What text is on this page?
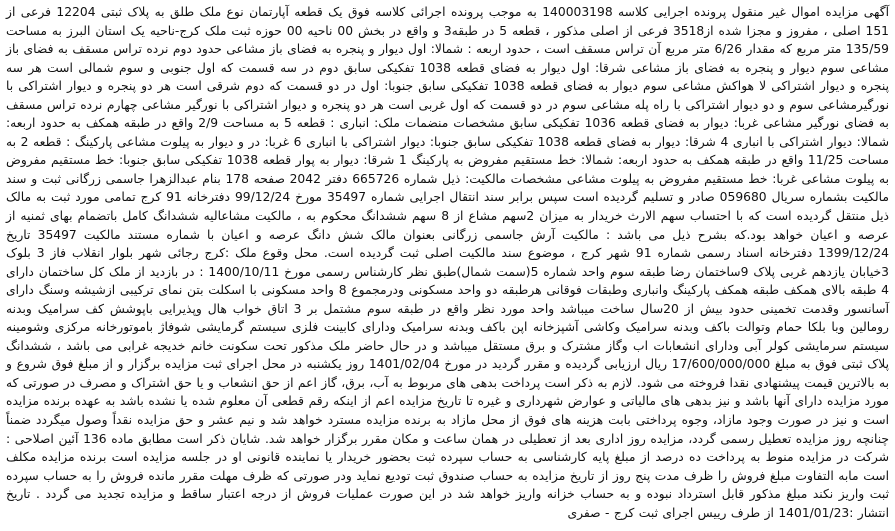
آگهی مزایده اموال غیر منقول پرونده اجرایی کلاسه 140003198 به موجب پرونده اجرائی کلاسه فوق یک قطعه آپارتمان نوع ملک طلق به پلاک ثبتی 12204 فرعی از 151 اصلی ، مفروز و مجزا شده از3518 فرعی از اصلی مذکور ، قطعه 5 در طبقه3 و واقع در بخش 00 ناحیه 00 حوزه ثبت ملک کرج-ناحیه یک استان البرز به مساحت 135/59 متر مربع که مقدار 6/26 متر مربع آن تراس مسقف است ، حدود اربعه : شمالا: اول دیوار و پنجره به فضای باز مشاعی حدود دوم نرده تراس مسقف به فضای باز مشاعی سوم دیوار و پنجره به فضای باز مشاعی شرقا: اول دیوار به فضای قطعه 1038 تفکیکی سابق دوم در سه قسمت که اول جنوبی و سوم شمالی است هر سه پنجره و دیوار اشتراکی لا هواکش مشاعی سوم دیوار به فضای قطعه 1038 تفکیکی سابق جنوبا: اول در دو قسمت که دوم شرقی است هر دو پنجره و دیوار اشتراکی با نورگیرمشاعی سوم و دو دیوار اشتراکی با راه پله مشاعی سوم در دو قسمت که اول غربی است هر دو پنجره و دیوار اشتراکی با نورگیر مشاعی چهارم نرده تراس مسقف به فضای نورگیر مشاعی غربا: دیوار به فضای قطعه 1036 تفکیکی سابق مشخصات منضمات ملک: انباری : قطعه 5 به مساحت 2/9 واقع در طبقه همکف به حدود اربعه: شمالا: دیوار اشتراکی با انباری 4 شرقا: دیوار به فضای قطعه 1038 تفکیکی سابق جنوبا: دیوار اشتراکی با انباری 6 غربا: در و دیوار به پیلوت مشاعی پارکینگ : قطعه 2 به مساحت 11/25 واقع در طبقه همکف به حدود اربعه: شمالا: خط مستقیم مفروض به پارکینگ 1 شرقا: دیوار به پوار قطعه 1038 تفکیکی سابق جنوبا: خط مستقیم مفروض به پیلوت مشاعی غربا: خط مستقیم مفروض به پیلوت مشاعی مشخصات مالکیت: ذیل شماره 665726 دفتر 2042 صفحه 178 بنام عبدالزهرا جاسمی زرگانی ثبت و سند مالکیت بشماره سریال 059680 صادر و تسلیم گردیده است سپس برابر سند انتقال اجرایی شماره 35497 مورخ 99/12/24 دفترخانه 91 کرج تمامی مورد ثبت به مالک ذیل منتقل گردیده است که با احتساب سهم الارث خریدار به میزان 2سهم مشاع از 8 سهم ششدانگ محکوم به ، مالکیت مشاعالیه ششدانگ کامل باتضمام بهای ثمنیه از عرصه و اعیان خواهد بود.که بشرح ذیل می باشد : مالکیت آرش جاسمی زرگانی بعنوان مالک شش دانگ عرصه و اعیان با شماره مستند مالکیت 35497 تاریخ 1399/12/24 دفترخانه اسناد رسمی شماره 91 شهر کرج ، موضوع سند مالکیت اصلی ثبت گردیده است. محل وقوع ملک :کرج رجائی شهر بلوار انقلاب فاز 3 بلوک 3خیابان یازدهم غربی پلاک 9ساختمان رضا طبقه سوم واحد شماره 5(سمت شمال)طبق نظر کارشناس رسمی مورخ 1400/10/11 : در بازدید از ملک کل ساختمان دارای 4 طبقه بالای همکف طبقه همکف پارکینگ وانباری وطبقات فوقانی هرطبقه دو واحد مسکونی ودرمجموع 8 واحد مسکونی با اسکلت بتن نمای ترکیبی ازشیشه وسنگ دارای آسانسور وقدمت تخمینی حدود بیش از 20سال ساخت میباشد واحد مورد نظر واقع در طبقه سوم مشتمل بر 3 اتاق خواب هال وپذیرایی باپوشش کف سرامیک وبدنه رومالین وبا بلکا حمام وتوالت باکف وبدنه سرامیک وکاشی آشپزخانه اپن باکف وبدنه سرامیک ودارای کابینت فلزی سیستم گرمایشی شوفاژ باموتورخانه مرکزی وشومینه سیستم سرمایشی کولر آبی ودارای انشعابات اب وگاز مشترک و برق مستقل میباشد و در حال حاضر ملک مذکور تحت سکونت خانم خدیجه غرابی می باشد ، ششدانگ پلاک ثبتی فوق به مبلغ 17/600/000/000 ریال ارزیابی گردیده و مقرر گردید در مورخ 1401/02/04 روز یکشنبه در محل اجرای ثبت مزایده برگزار و از مبلغ فوق شروع و به بالاترین قیمت پیشنهادی نقدا فروخته می شود. لازم به ذکر است پرداخت بدهی های مربوط به آب، برق، گاز اعم از حق انشعاب و یا حق اشتراک و مصرف در صورتی که مورد مزایده دارای آنها باشد و نیز بدهی های مالیاتی و عوارض شهرداری و غیره تا تاریخ مزایده اعم از اینکه رقم قطعی آن معلوم شده یا نشده باشد به عهده برنده مزایده است و نیز در صورت وجود مازاد، وجوه پرداختی بابت هزینه های فوق از محل مازاد به برنده مزایده مسترد خواهد شد و نیم عشر و حق مزایده نقداً وصول میگردد ضمناً چنانچه روز مزایده تعطیل رسمی گردد، مزایده روز اداری بعد از تعطیلی در همان ساعت و مکان مقرر برگزار خواهد شد. شایان ذکر است مطابق ماده 136 آئین اصلاحی : شرکت در مزایده منوط به پرداخت ده درصد از مبلغ پایه کارشناسی به حساب سپرده ثبت بحضور خریدار یا نماینده قانونی او در جلسه مزایده است برنده مزایده مکلف است مابه التفاوت مبلغ فروش را ظرف مدت پنج روز از تاریخ مزایده به حساب صندوق ثبت تودیع نماید ودر صورتی که ظرف مهلت مقرر مانده فروش را به حساب سپرده ثبت واریز نکند مبلغ مذکور قابل استرداد نبوده و به حساب خزانه واریز خواهد شد در این صورت عملیات فروش از درجه اعتبار ساقط و مزایده تجدید می گردد . تاریخ انتشار :1401/01/23 از طرف رییس اجرای ثبت کرج - صفری
